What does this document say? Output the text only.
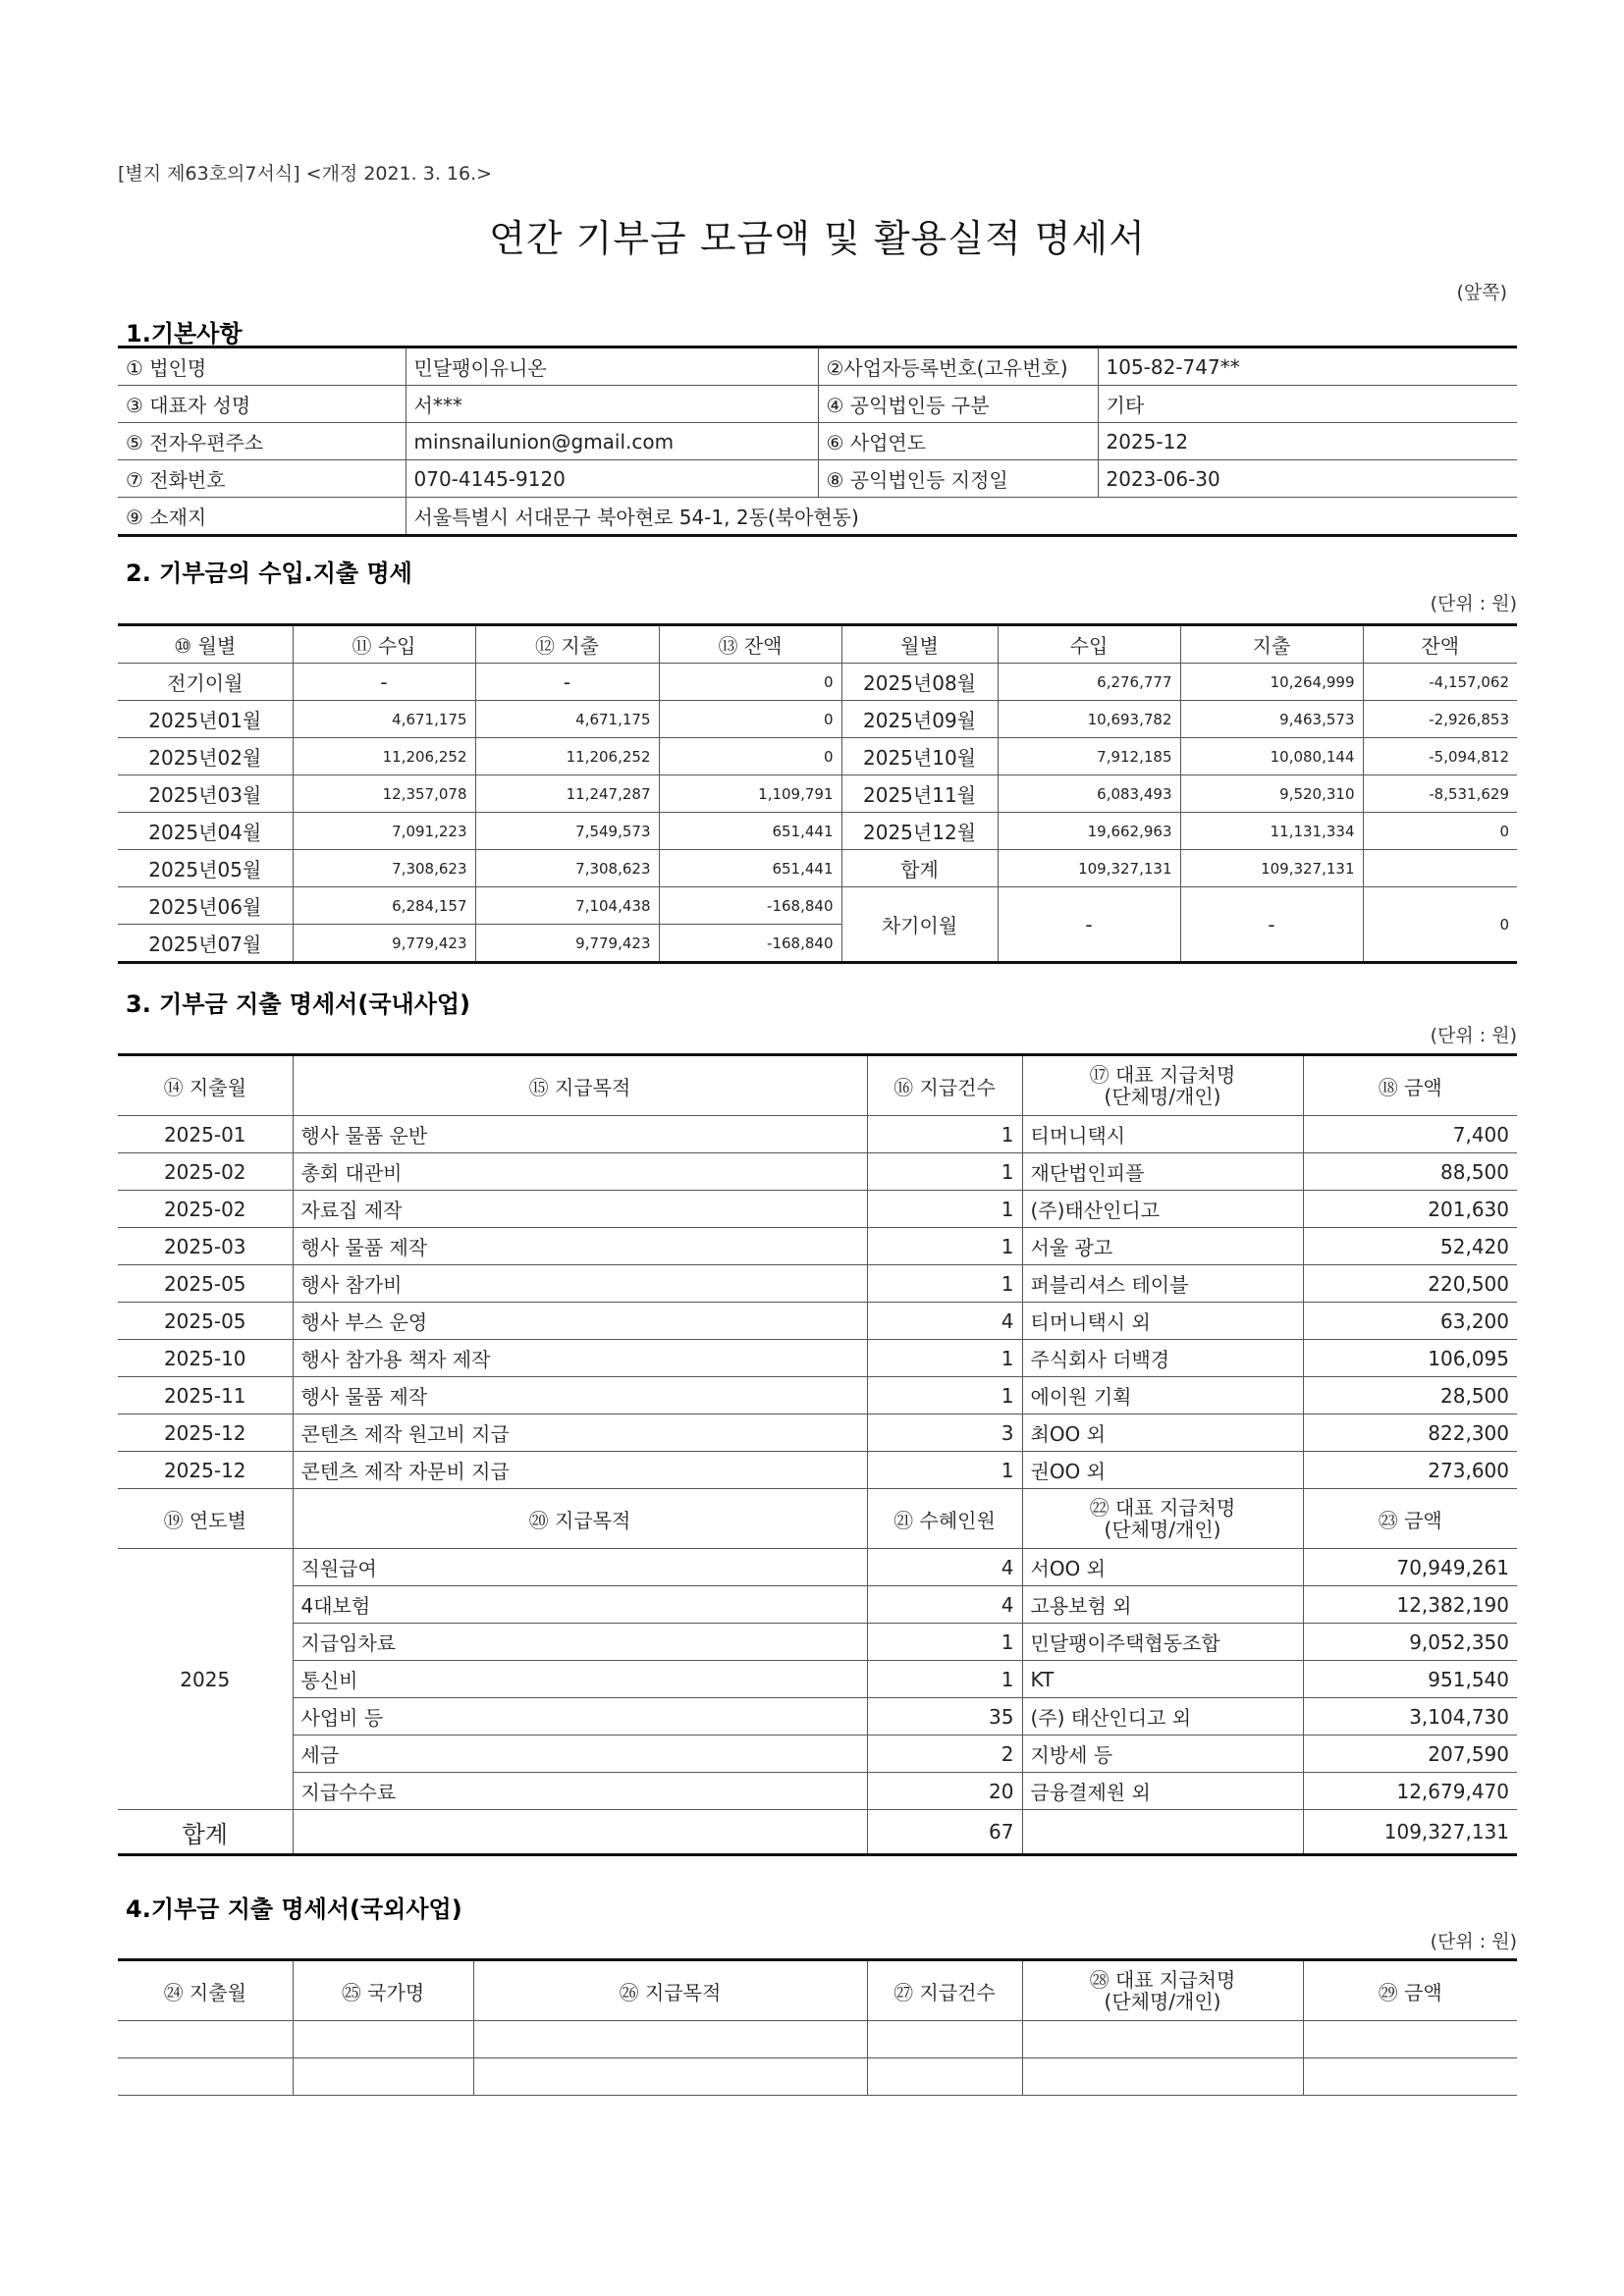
[별지 제63호의7서식] <개정 2021. 3. 16.>
연간 기부금 모금액 및 활용실적 명세서
(앞쪽)
1.기본사항
① 법인명	민달팽이유니온	②사업자등록번호(고유번호)	105-82-747**
③ 대표자 성명	서***	④ 공익법인등 구분	기타
⑤ 전자우편주소	minsnailunion@gmail.com	⑥ 사업연도	2025-12
⑦ 전화번호	070-4145-9120	⑧ 공익법인등 지정일	2023-06-30
⑨ 소재지	서울특별시 서대문구 북아현로 54-1, 2동(북아현동)		
2. 기부금의 수입.지출 명세
(단위 : 원)
⑩ 월별	⑪ 수입	⑫ 지출	⑬ 잔액	월별	수입	지출	잔액
전기이월	-	-	0	2025년08월	6,276,777	10,264,999	-4,157,062
2025년01월	4,671,175	4,671,175	0	2025년09월	10,693,782	9,463,573	-2,926,853
2025년02월	11,206,252	11,206,252	0	2025년10월	7,912,185	10,080,144	-5,094,812
2025년03월	12,357,078	11,247,287	1,109,791	2025년11월	6,083,493	9,520,310	-8,531,629
2025년04월	7,091,223	7,549,573	651,441	2025년12월	19,662,963	11,131,334	0
2025년05월	7,308,623	7,308,623	651,441	합계	109,327,131	109,327,131	
2025년06월	6,284,157	7,104,438	-168,840	차기이월	-	-	0
2025년07월	9,779,423	9,779,423	-168,840				
3. 기부금 지출 명세서(국내사업)
(단위 : 원)
⑭ 지출월	⑮ 지급목적	⑯ 지급건수	⑰ 대표 지급처명
(단체명/개인)	⑱ 금액
2025-01	행사 물품 운반	1	티머니택시	7,400
2025-02	총회 대관비	1	재단법인피플	88,500
2025-02	자료집 제작	1	(주)태산인디고	201,630
2025-03	행사 물품 제작	1	서울 광고	52,420
2025-05	행사 참가비	1	퍼블리셔스 테이블	220,500
2025-05	행사 부스 운영	4	티머니택시 외	63,200
2025-10	행사 참가용 책자 제작	1	주식회사 더백경	106,095
2025-11	행사 물품 제작	1	에이원 기획	28,500
2025-12	콘텐츠 제작 원고비 지급	3	최OO 외	822,300
2025-12	콘텐츠 제작 자문비 지급	1	권OO 외	273,600
⑲ 연도별	⑳ 지급목적	㉑ 수혜인원	㉒ 대표 지급처명
(단체명/개인)	㉓ 금액
2025	직원급여	4	서OO 외	70,949,261
	4대보험	4	고용보험 외	12,382,190
	지급임차료	1	민달팽이주택협동조합	9,052,350
	통신비	1	KT	951,540
	사업비 등	35	(주) 태산인디고 외	3,104,730
	세금	2	지방세 등	207,590
	지급수수료	20	금융결제원 외	12,679,470
합계		67		109,327,131
4.기부금 지출 명세서(국외사업)
(단위 : 원)
㉔ 지출월	㉕ 국가명	㉖ 지급목적	㉗ 지급건수	㉘ 대표 지급처명
(단체명/개인)	㉙ 금액
